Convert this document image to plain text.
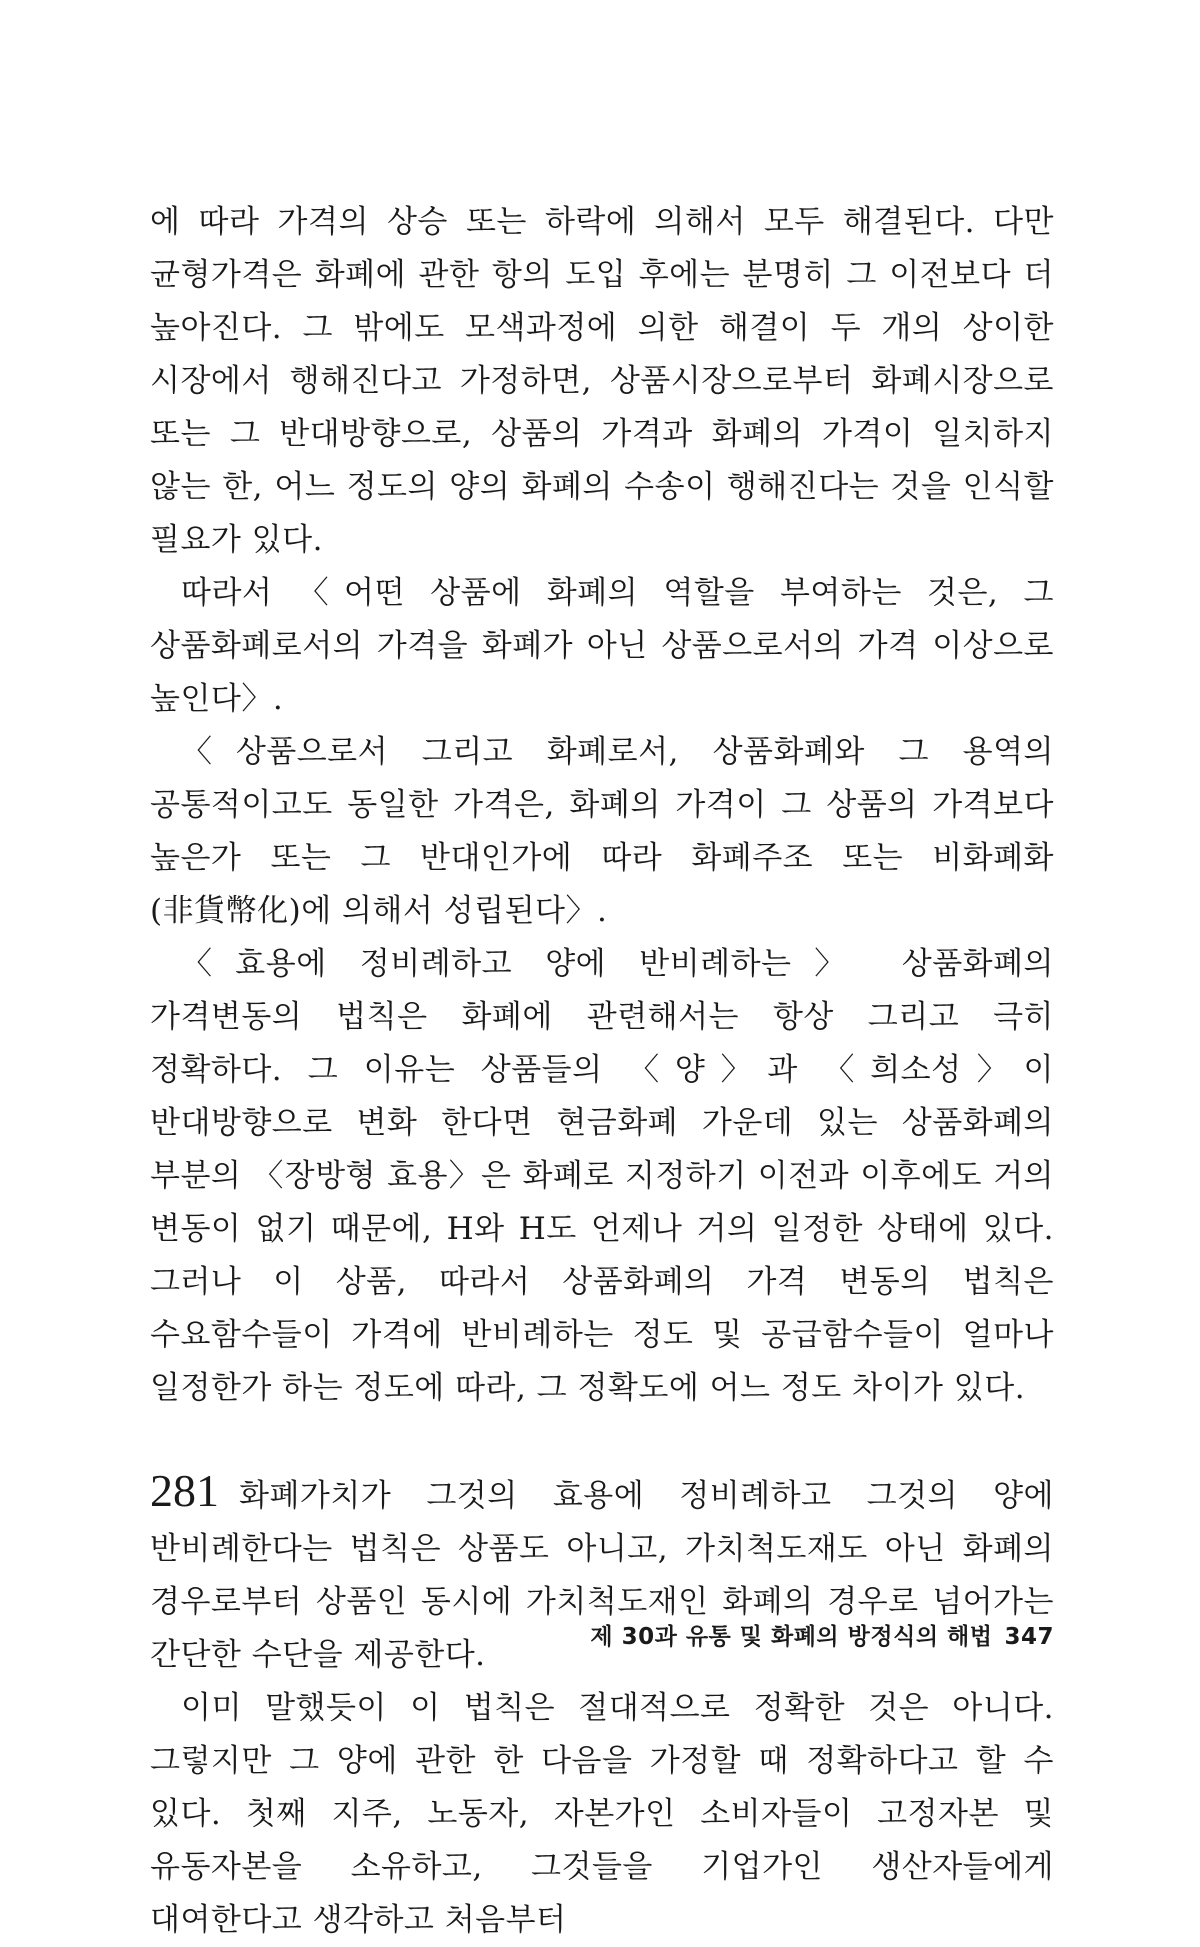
에 따라 가격의 상승 또는 하락에 의해서 모두 해결된다. 다만 균형가격은 화폐에 관한 항의 도입 후에는 분명히 그 이전보다 더 높아진다. 그 밖에도 모색과정에 의한 해결이 두 개의 상이한 시장에서 행해진다고 가정하면, 상품시장으로부터 화폐시장으로 또는 그 반대방향으로, 상품의 가격과 화폐의 가격이 일치하지 않는 한, 어느 정도의 양의 화폐의 수송이 행해진다는 것을 인식할 필요가 있다.

따라서 〈어떤 상품에 화폐의 역할을 부여하는 것은, 그 상품화폐로서의 가격을 화폐가 아닌 상품으로서의 가격 이상으로 높인다〉.

〈상품으로서 그리고 화폐로서, 상품화폐와 그 용역의 공통적이고도 동일한 가격은, 화폐의 가격이 그 상품의 가격보다 높은가 또는 그 반대인가에 따라 화폐주조 또는 비화폐화(非貨幣化)에 의해서 성립된다〉.

〈효용에 정비례하고 양에 반비례하는〉 상품화폐의 가격변동의 법칙은 화폐에 관련해서는 항상 그리고 극히 정확하다. 그 이유는 상품들의 〈양〉과 〈희소성〉이 반대방향으로 변화 한다면 현금화폐 가운데 있는 상품화폐의 부분의 〈장방형 효용〉은 화폐로 지정하기 이전과 이후에도 거의 변동이 없기 때문에, H와 H도 언제나 거의 일정한 상태에 있다. 그러나 이 상품, 따라서 상품화폐의 가격 변동의 법칙은 수요함수들이 가격에 반비례하는 정도 및 공급함수들이 얼마나 일정한가 하는 정도에 따라, 그 정확도에 어느 정도 차이가 있다.

281 화폐가치가 그것의 효용에 정비례하고 그것의 양에 반비례한다는 법칙은 상품도 아니고, 가치척도재도 아닌 화폐의 경우로부터 상품인 동시에 가치척도재인 화폐의 경우로 넘어가는 간단한 수단을 제공한다.

이미 말했듯이 이 법칙은 절대적으로 정확한 것은 아니다. 그렇지만 그 양에 관한 한 다음을 가정할 때 정확하다고 할 수 있다. 첫째 지주, 노동자, 자본가인 소비자들이 고정자본 및 유동자본을 소유하고, 그것들을 기업가인 생산자들에게 대여한다고 생각하고 처음부터

제 30과 유통 및 화폐의 방정식의 해법 347
